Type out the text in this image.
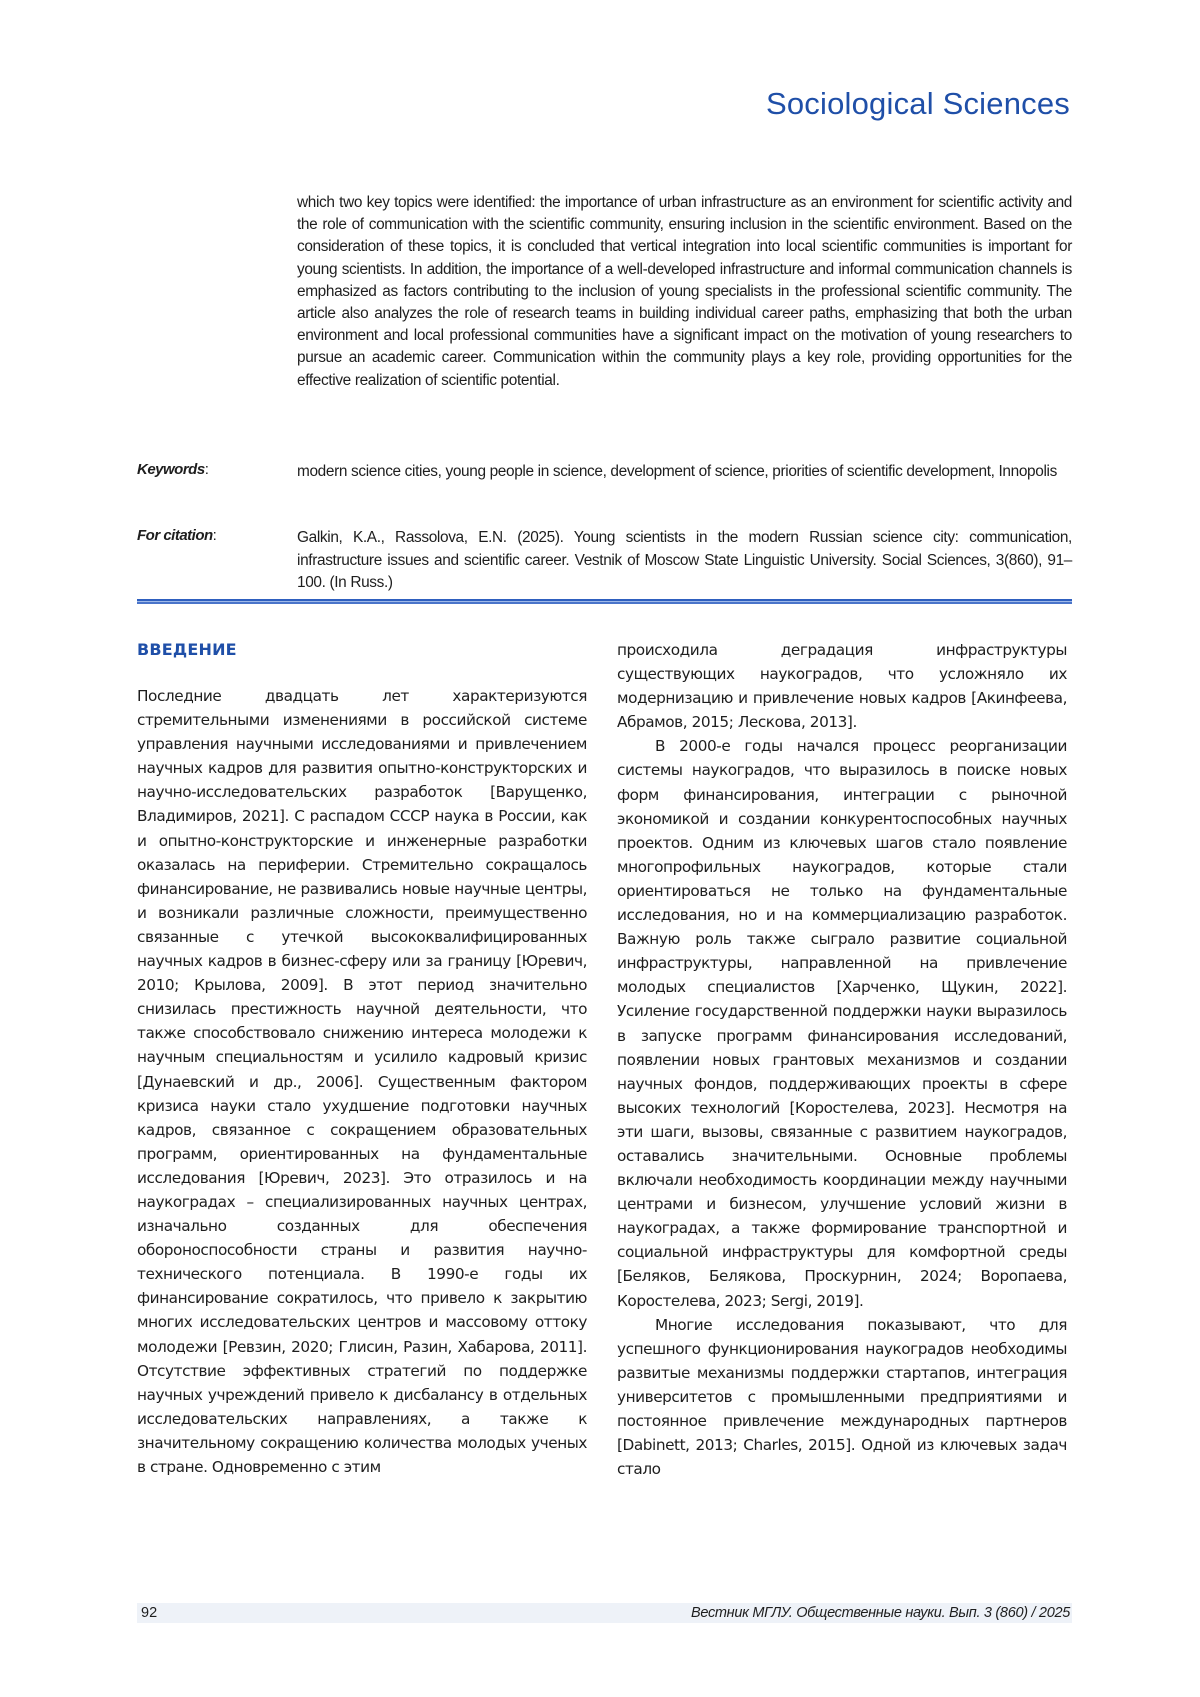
Sociological Sciences
which two key topics were identified: the importance of urban infrastructure as an environment for scientific activity and the role of communication with the scientific community, ensuring inclusion in the scientific environment. Based on the consideration of these topics, it is concluded that vertical integration into local scientific communities is important for young scientists. In addition, the importance of a well-developed infrastructure and informal communication channels is emphasized as factors contributing to the inclusion of young specialists in the professional scientific community. The article also analyzes the role of research teams in building individual career paths, emphasizing that both the urban environment and local professional communities have a significant impact on the motivation of young researchers to pursue an academic career. Communication within the community plays a key role, providing opportunities for the effective realization of scientific potential.
Keywords:	modern science cities, young people in science, development of science, priorities of scientific development, Innopolis
For citation:	Galkin, K.A., Rassolova, E.N. (2025). Young scientists in the modern Russian science city: communication, infrastructure issues and scientific career. Vestnik of Moscow State Linguistic University. Social Sciences, 3(860), 91–100. (In Russ.)
ВВЕДЕНИЕ

Последние двадцать лет характеризуются стремительными изменениями в российской системе управления научными исследованиями и привлечением научных кадров для развития опытно-конструкторских и научно-исследовательских разработок [Варущенко, Владимиров, 2021]. С распадом СССР наука в России, как и опытно-конструкторские и инженерные разработки оказалась на периферии. Стремительно сокращалось финансирование, не развивались новые научные центры, и возникали различные сложности, преимущественно связанные с утечкой высококвалифицированных научных кадров в бизнес-сферу или за границу [Юревич, 2010; Крылова, 2009]. В этот период значительно снизилась престижность научной деятельности, что также способствовало снижению интереса молодежи к научным специальностям и усилило кадровый кризис [Дунаевский и др., 2006]. Существенным фактором кризиса науки стало ухудшение подготовки научных кадров, связанное с сокращением образовательных программ, ориентированных на фундаментальные исследования [Юревич, 2023]. Это отразилось и на наукоградах – специализированных научных центрах, изначально созданных для обеспечения обороноспособности страны и развития научно-технического потенциала. В 1990-е годы их финансирование сократилось, что привело к закрытию многих исследовательских центров и массовому оттоку молодежи [Ревзин, 2020; Глисин, Разин, Хабарова, 2011]. Отсутствие эффективных стратегий по поддержке научных учреждений привело к дисбалансу в отдельных исследовательских направлениях, а также к значительному сокращению количества молодых ученых в стране. Одновременно с этим

происходила деградация инфраструктуры существующих наукоградов, что усложняло их модернизацию и привлечение новых кадров [Акинфеева, Абрамов, 2015; Лескова, 2013].

В 2000-е годы начался процесс реорганизации системы наукоградов, что выразилось в поиске новых форм финансирования, интеграции с рыночной экономикой и создании конкурентоспособных научных проектов. Одним из ключевых шагов стало появление многопрофильных наукоградов, которые стали ориентироваться не только на фундаментальные исследования, но и на коммерциализацию разработок. Важную роль также сыграло развитие социальной инфраструктуры, направленной на привлечение молодых специалистов [Харченко, Щукин, 2022]. Усиление государственной поддержки науки выразилось в запуске программ финансирования исследований, появлении новых грантовых механизмов и создании научных фондов, поддерживающих проекты в сфере высоких технологий [Коростелева, 2023]. Несмотря на эти шаги, вызовы, связанные с развитием наукоградов, оставались значительными. Основные проблемы включали необходимость координации между научными центрами и бизнесом, улучшение условий жизни в наукоградах, а также формирование транспортной и социальной инфраструктуры для комфортной среды [Беляков, Белякова, Проскурнин, 2024; Воропаева, Коростелева, 2023; Sergi, 2019].

Многие исследования показывают, что для успешного функционирования наукоградов необходимы развитые механизмы поддержки стартапов, интеграция университетов с промышленными предприятиями и постоянное привлечение международных партнеров [Dabinett, 2013; Charles, 2015]. Одной из ключевых задач стало

92	Вестник МГЛУ. Общественные науки. Вып. 3 (860) / 2025
